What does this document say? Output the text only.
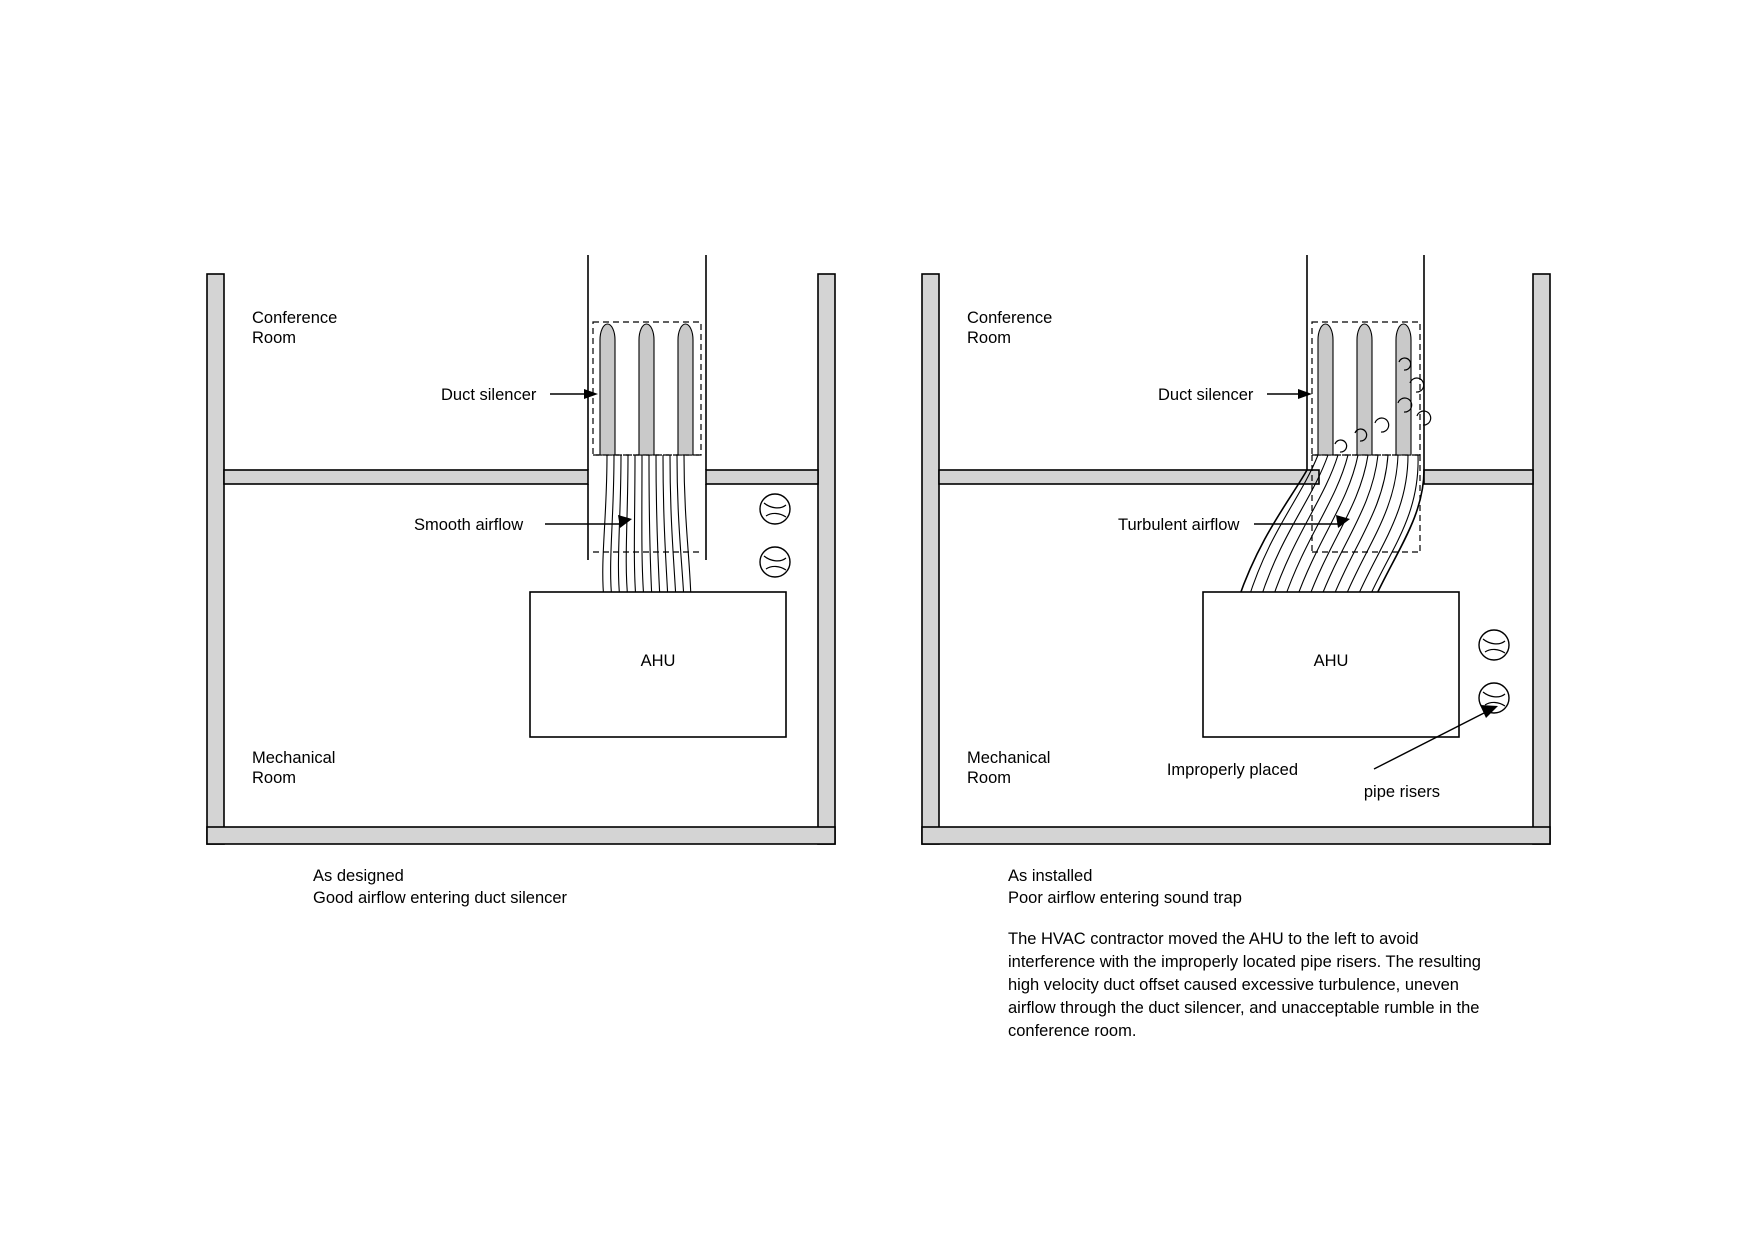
AHU
Conference
Room
Mechanical
Room
Duct silencer
Smooth airflow
As designed
Good airflow entering duct silencer
AHU
Conference
Room
Mechanical
Room
Duct silencer
Turbulent airflow
Improperly placed
pipe risers
As installed
Poor airflow entering sound trap
The HVAC contractor moved the AHU to the left to avoid
interference with the improperly located pipe risers. The resulting
high velocity duct offset caused excessive turbulence, uneven
airflow through the duct silencer, and unacceptable rumble in the
conference room.
